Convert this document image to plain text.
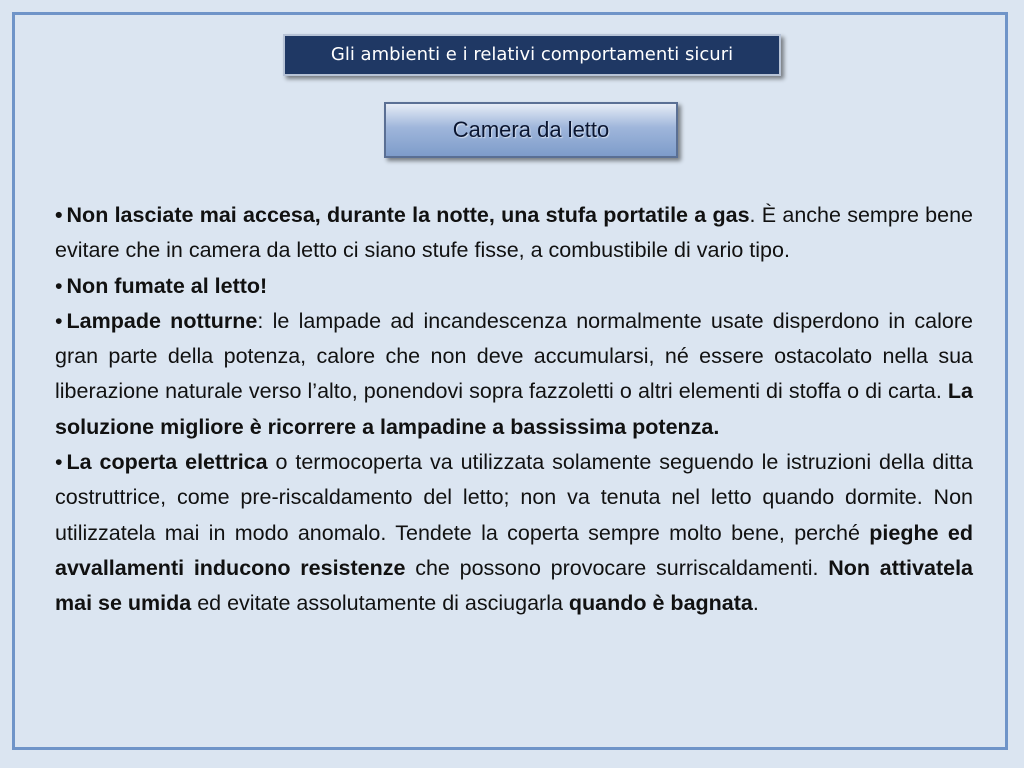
Gli ambienti e i relativi comportamenti sicuri
Camera da letto

• Non lasciate mai accesa, durante la notte, una stufa portatile a gas. È anche sempre bene evitare che in camera da letto ci siano stufe fisse, a combustibile di vario tipo.

• Non fumate al letto!

• Lampade notturne: le lampade ad incandescenza normalmente usate disperdono in calore gran parte della potenza, calore che non deve accumularsi, né essere ostacolato nella sua liberazione naturale verso l’alto, ponendovi sopra fazzoletti o altri elementi di stoffa o di carta. La soluzione migliore è ricorrere a lampadine a bassissima potenza.

• La coperta elettrica o termocoperta va utilizzata solamente seguendo le istruzioni della ditta costruttrice, come pre-riscaldamento del letto; non va tenuta nel letto quando dormite. Non utilizzatela mai in modo anomalo. Tendete la coperta sempre molto bene, perché pieghe ed avvallamenti inducono resistenze che possono provocare surriscaldamenti. Non attivatela mai se umida ed evitate assolutamente di asciugarla quando è bagnata.
